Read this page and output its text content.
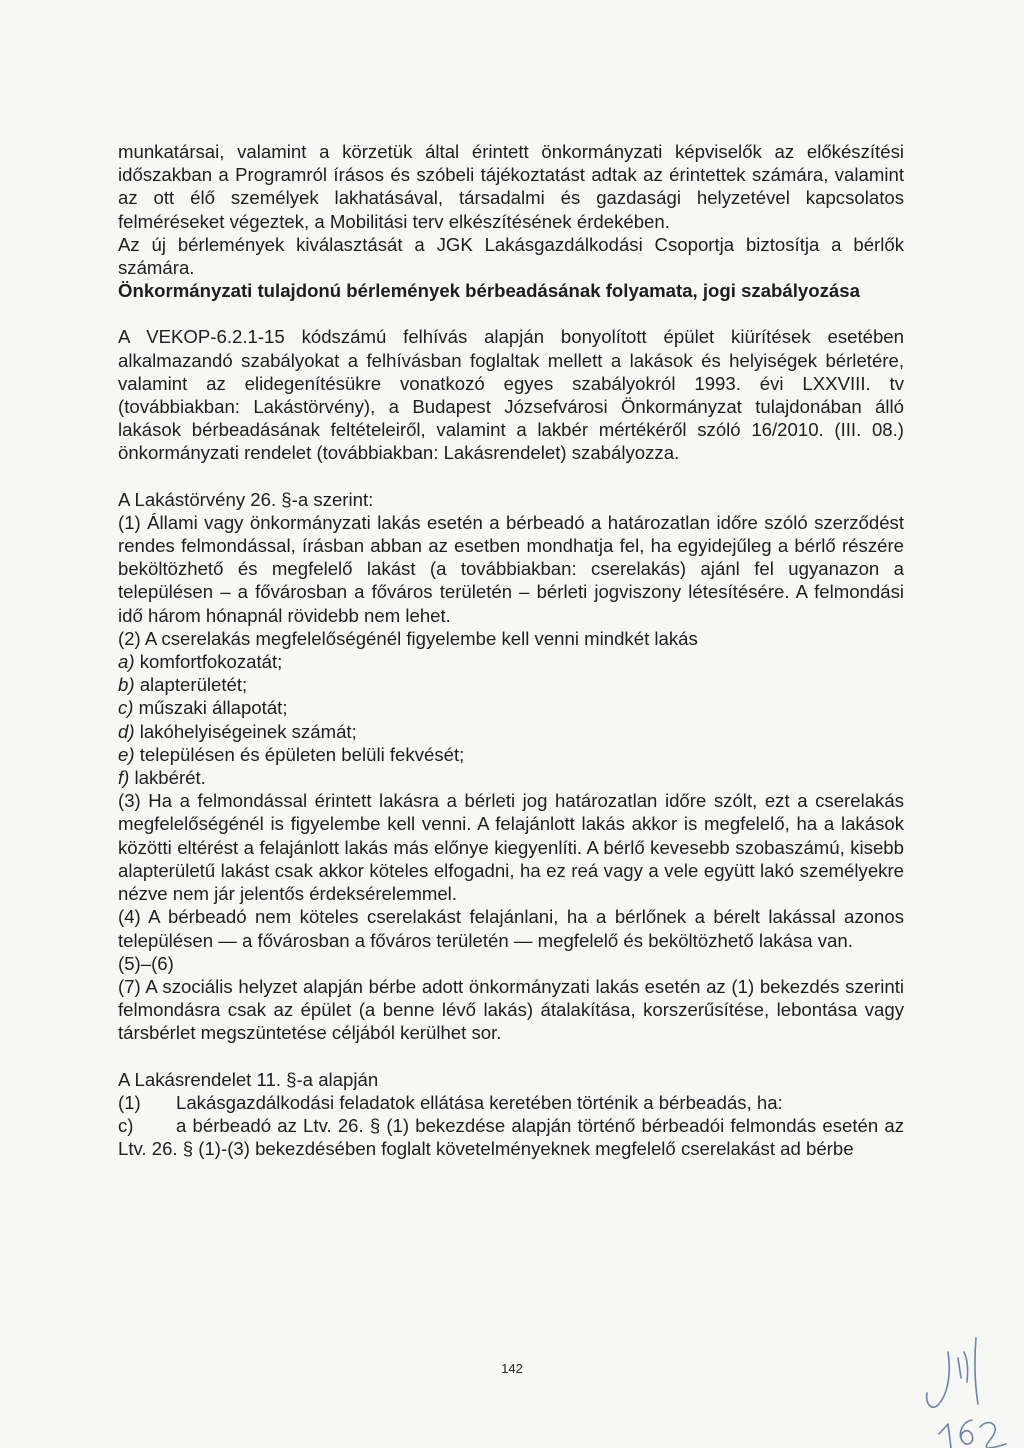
munkatársai, valamint a körzetük által érintett önkormányzati képviselők az előkészítési időszakban a Programról írásos és szóbeli tájékoztatást adtak az érintettek számára, valamint az ott élő személyek lakhatásával, társadalmi és gazdasági helyzetével kapcsolatos felméréseket végeztek, a Mobilitási terv elkészítésének érdekében.

Az új bérlemények kiválasztását a JGK Lakásgazdálkodási Csoportja biztosítja a bérlők számára.

Önkormányzati tulajdonú bérlemények bérbeadásának folyamata, jogi szabályozása

A VEKOP-6.2.1-15 kódszámú felhívás alapján bonyolított épület kiürítések esetében alkalmazandó szabályokat a felhívásban foglaltak mellett a lakások és helyiségek bérletére, valamint az elidegenítésükre vonatkozó egyes szabályokról 1993. évi LXXVIII. tv (továbbiakban: Lakástörvény), a Budapest Józsefvárosi Önkormányzat tulajdonában álló lakások bérbeadásának feltételeiről, valamint a lakbér mértékéről szóló 16/2010. (III. 08.) önkormányzati rendelet (továbbiakban: Lakásrendelet) szabályozza.

A Lakástörvény 26. §-a szerint:

(1) Állami vagy önkormányzati lakás esetén a bérbeadó a határozatlan időre szóló szerződést rendes felmondással, írásban abban az esetben mondhatja fel, ha egyidejűleg a bérlő részére beköltözhető és megfelelő lakást (a továbbiakban: cserelakás) ajánl fel ugyanazon a településen – a fővárosban a főváros területén – bérleti jogviszony létesítésére. A felmondási idő három hónapnál rövidebb nem lehet.

(2) A cserelakás megfelelőségénél figyelembe kell venni mindkét lakás

a) komfortfokozatát;

b) alapterületét;

c) műszaki állapotát;

d) lakóhelyiségeinek számát;

e) településen és épületen belüli fekvését;

f) lakbérét.

(3) Ha a felmondással érintett lakásra a bérleti jog határozatlan időre szólt, ezt a cserelakás megfelelőségénél is figyelembe kell venni. A felajánlott lakás akkor is megfelelő, ha a lakások közötti eltérést a felajánlott lakás más előnye kiegyenlíti. A bérlő kevesebb szobaszámú, kisebb alapterületű lakást csak akkor köteles elfogadni, ha ez reá vagy a vele együtt lakó személyekre nézve nem jár jelentős érdeksérelemmel.

(4) A bérbeadó nem köteles cserelakást felajánlani, ha a bérlőnek a bérelt lakással azonos településen — a fővárosban a főváros területén — megfelelő és beköltözhető lakása van.

(5)–(6)

(7) A szociális helyzet alapján bérbe adott önkormányzati lakás esetén az (1) bekezdés szerinti felmondásra csak az épület (a benne lévő lakás) átalakítása, korszerűsítése, lebontása vagy társbérlet megszüntetése céljából kerülhet sor.

A Lakásrendelet 11. §-a alapján

(1)	Lakásgazdálkodási feladatok ellátása keretében történik a bérbeadás, ha:

c) a bérbeadó az Ltv. 26. § (1) bekezdése alapján történő bérbeadói felmondás esetén az Ltv. 26. § (1)-(3) bekezdésében foglalt követelményeknek megfelelő cserelakást ad bérbe

142
